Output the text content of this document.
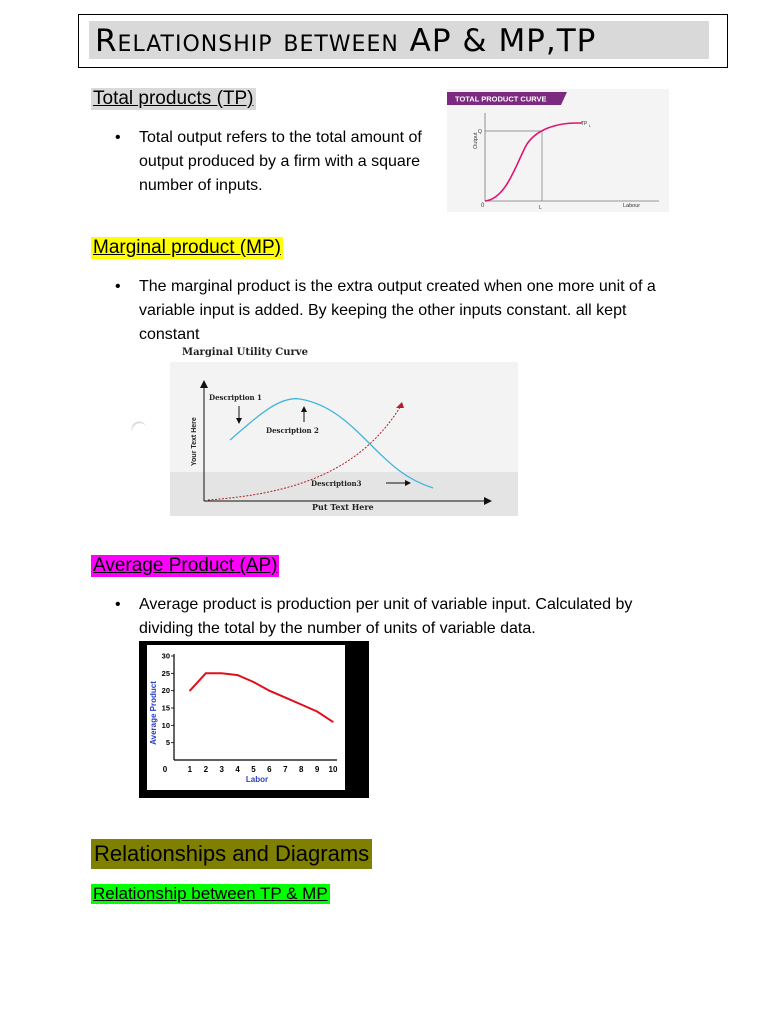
Relationship between AP & MP,TP
Total products (TP)
• Total output refers to the total amount of output produced by a firm with a square number of inputs.
TOTAL PRODUCT CURVE
Output
Labour
0
Q
L
TP L
Marginal product (MP)
• The marginal product is the extra output created when one more unit of a variable input is added. By keeping the other inputs constant. all kept constant
Marginal Utility Curve
Your Text Here
Put Text Here
Description 1
Description 2
Description3
Average Product (AP)
• Average product is production per unit of variable input. Calculated by dividing the total by the number of units of variable data.
5
10
15
20
25
30
0	1 2 3 4 5 6 7 8 9 10
Average Product
Labor
Relationships and Diagrams
Relationship between TP & MP
